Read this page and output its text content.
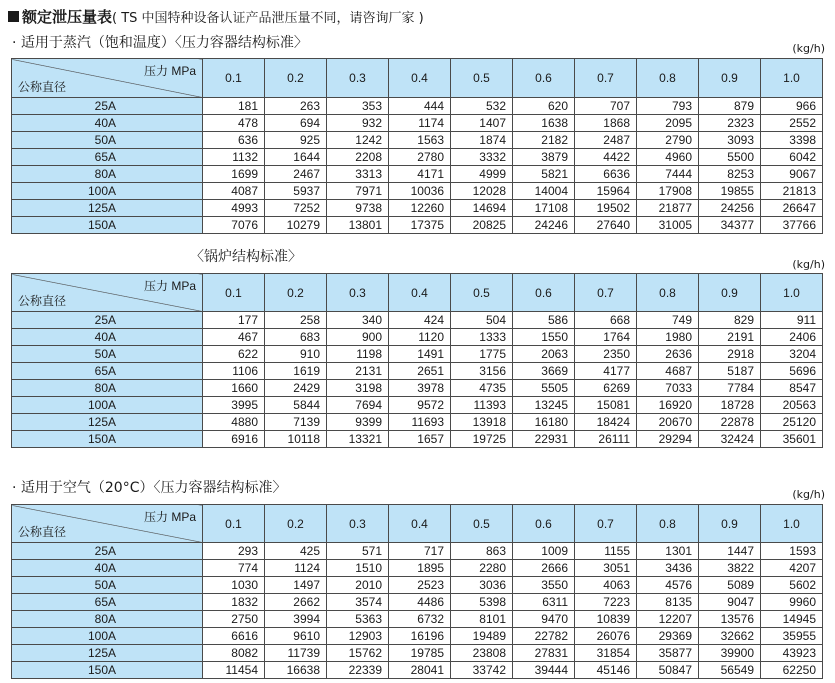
额定泄压量表( TS 中国特种设备认证产品泄压量不同，请咨询厂家 )
· 适用于蒸汽（饱和温度）〈压力容器结构标准〉	(kg/h)
压力 MPa
公称直径	0.1	0.2	0.3	0.4	0.5	0.6	0.7	0.8	0.9	1.0
25A	181	263	353	444	532	620	707	793	879	966
40A	478	694	932	1174	1407	1638	1868	2095	2323	2552
50A	636	925	1242	1563	1874	2182	2487	2790	3093	3398
65A	1132	1644	2208	2780	3332	3879	4422	4960	5500	6042
80A	1699	2467	3313	4171	4999	5821	6636	7444	8253	9067
100A	4087	5937	7971	10036	12028	14004	15964	17908	19855	21813
125A	4993	7252	9738	12260	14694	17108	19502	21877	24256	26647
150A	7076	10279	13801	17375	20825	24246	27640	31005	34377	37766
〈锅炉结构标准〉	(kg/h)
压力 MPa
公称直径	0.1	0.2	0.3	0.4	0.5	0.6	0.7	0.8	0.9	1.0
25A	177	258	340	424	504	586	668	749	829	911
40A	467	683	900	1120	1333	1550	1764	1980	2191	2406
50A	622	910	1198	1491	1775	2063	2350	2636	2918	3204
65A	1106	1619	2131	2651	3156	3669	4177	4687	5187	5696
80A	1660	2429	3198	3978	4735	5505	6269	7033	7784	8547
100A	3995	5844	7694	9572	11393	13245	15081	16920	18728	20563
125A	4880	7139	9399	11693	13918	16180	18424	20670	22878	25120
150A	6916	10118	13321	1657	19725	22931	26111	29294	32424	35601
· 适用于空气（20°C）〈压力容器结构标准〉	(kg/h)
压力 MPa
公称直径	0.1	0.2	0.3	0.4	0.5	0.6	0.7	0.8	0.9	1.0
25A	293	425	571	717	863	1009	1155	1301	1447	1593
40A	774	1124	1510	1895	2280	2666	3051	3436	3822	4207
50A	1030	1497	2010	2523	3036	3550	4063	4576	5089	5602
65A	1832	2662	3574	4486	5398	6311	7223	8135	9047	9960
80A	2750	3994	5363	6732	8101	9470	10839	12207	13576	14945
100A	6616	9610	12903	16196	19489	22782	26076	29369	32662	35955
125A	8082	11739	15762	19785	23808	27831	31854	35877	39900	43923
150A	11454	16638	22339	28041	33742	39444	45146	50847	56549	62250
